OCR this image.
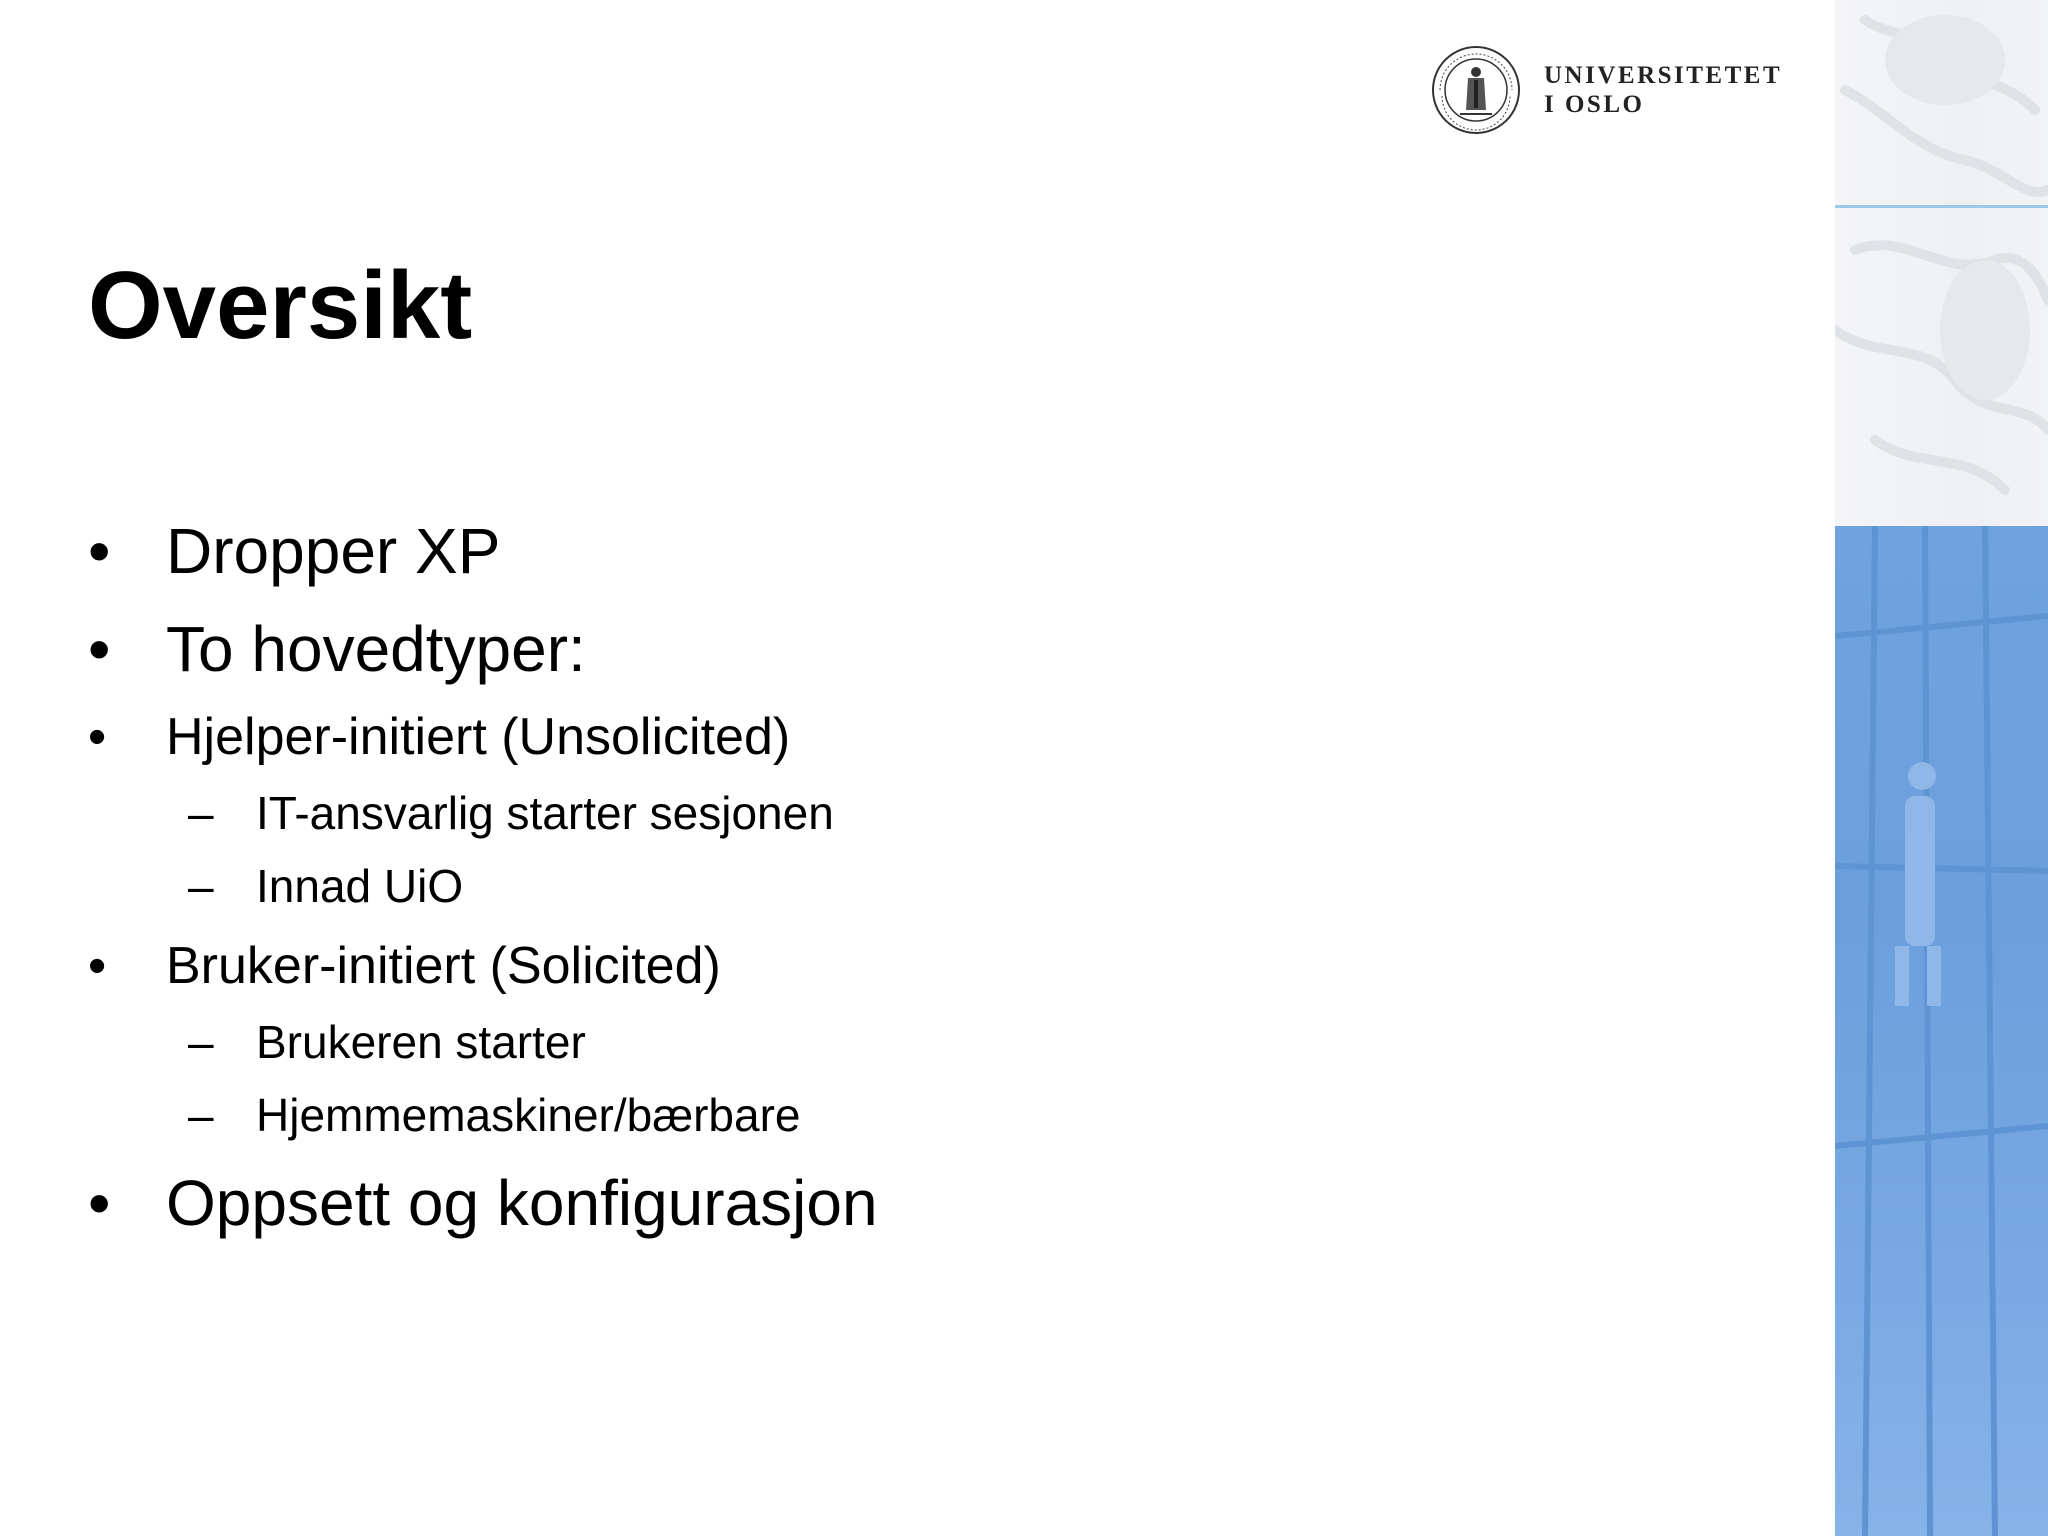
UNIVERSITETET
I OSLO
Oversikt
• Dropper XP
• To hovedtyper:
• Hjelper-initiert (Unsolicited)
– IT-ansvarlig starter sesjonen
– Innad UiO
• Bruker-initiert (Solicited)
– Brukeren starter
– Hjemmemaskiner/bærbare
• Oppsett og konfigurasjon
